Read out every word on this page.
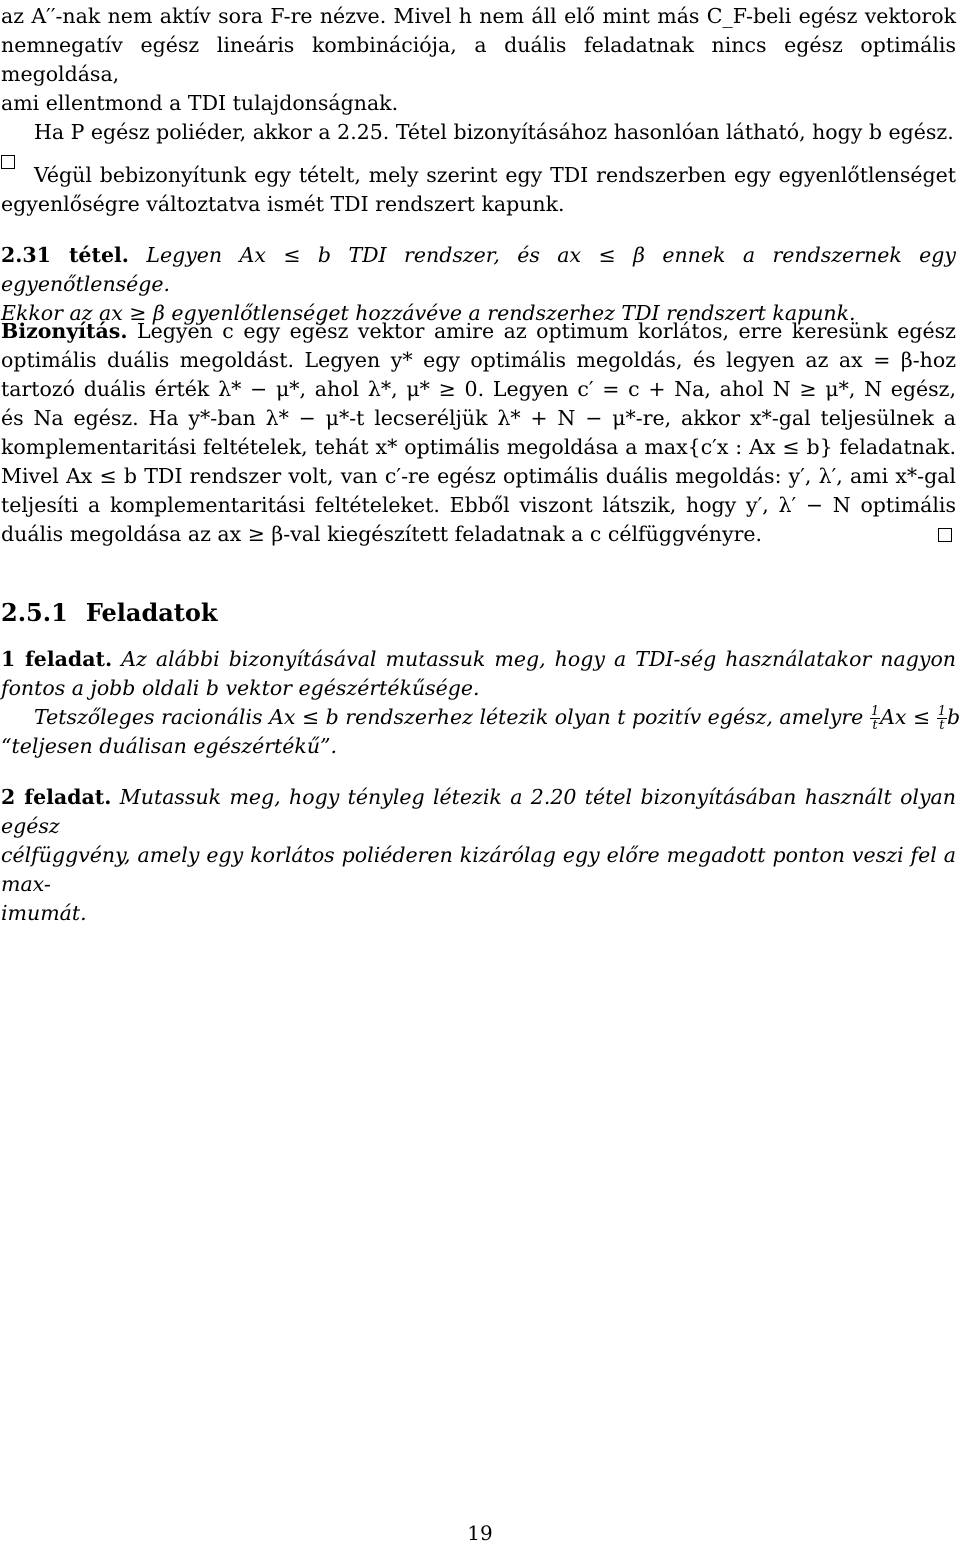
az A′′-nak nem aktív sora F-re nézve. Mivel h nem áll elő mint más C_F-beli egész vektorok
nemnegatív egész lineáris kombinációja, a duális feladatnak nincs egész optimális megoldása,
ami ellentmond a TDI tulajdonságnak.
Ha P egész poliéder, akkor a 2.25. Tétel bizonyításához hasonlóan látható, hogy b egész.
Végül bebizonyítunk egy tételt, mely szerint egy TDI rendszerben egy egyenlőtlenséget
egyenlőségre változtatva ismét TDI rendszert kapunk.
2.31 tétel. Legyen Ax ≤ b TDI rendszer, és ax ≤ β ennek a rendszernek egy egyenőtlensége.
Ekkor az ax ≥ β egyenlőtlenséget hozzávéve a rendszerhez TDI rendszert kapunk.
Bizonyítás. Legyen c egy egész vektor amire az optimum korlátos, erre keresünk egész
optimális duális megoldást. Legyen y* egy optimális megoldás, és legyen az ax = β-hoz
tartozó duális érték λ* − μ*, ahol λ*, μ* ≥ 0. Legyen c′ = c + Na, ahol N ≥ μ*, N egész,
és Na egész. Ha y*-ban λ* − μ*-t lecseréljük λ* + N − μ*-re, akkor x*-gal teljesülnek a
komplementaritási feltételek, tehát x* optimális megoldása a max{c′x : Ax ≤ b} feladatnak.
Mivel Ax ≤ b TDI rendszer volt, van c′-re egész optimális duális megoldás: y′, λ′, ami x*-gal
teljesíti a komplementaritási feltételeket. Ebből viszont látszik, hogy y′, λ′ − N optimális
duális megoldása az ax ≥ β-val kiegészített feladatnak a c célfüggvényre.
2.5.1 Feladatok
1 feladat. Az alábbi bizonyításával mutassuk meg, hogy a TDI-ség használatakor nagyon
fontos a jobb oldali b vektor egészértékűsége.
Tetszőleges racionális Ax ≤ b rendszerhez létezik olyan t pozitív egész, amelyre $\frac{1}{t}$ $Ax \le \frac{1}{t}$ b
“teljesen duálisan egészértékű”.
2 feladat. Mutassuk meg, hogy tényleg létezik a 2.20 tétel bizonyításában használt olyan egész
célfüggvény, amely egy korlátos poliéderen kizárólag egy előre megadott ponton veszi fel a max-
imumát.
19
